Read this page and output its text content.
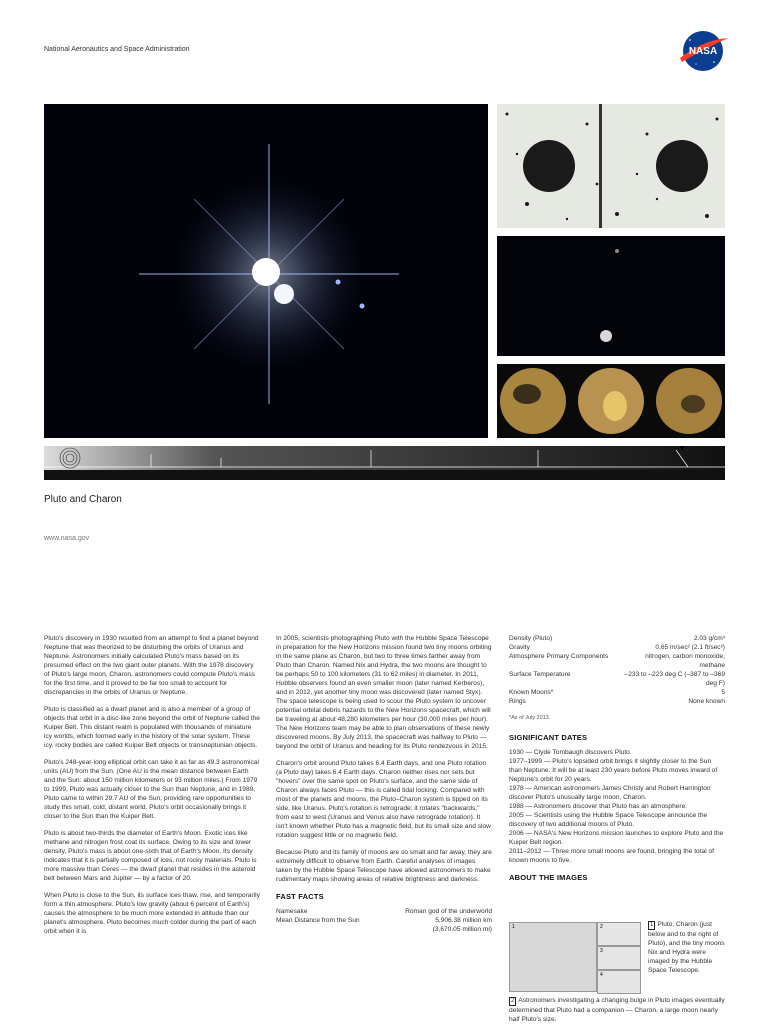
National Aeronautics and Space Administration	NASA
Pluto and Charon
www.nasa.gov

Pluto's discovery in 1930 resulted from an attempt to find a planet beyond Neptune that was theorized to be disturbing the orbits of Uranus and Neptune. Astronomers initially calculated Pluto's mass based on its presumed effect on the two giant outer planets. With the 1978 discovery of Pluto's large moon, Charon, astronomers could compute Pluto's mass for the first time, and it proved to be far too small to account for discrepancies in the orbits of Uranus or Neptune.

Pluto is classified as a dwarf planet and is also a member of a group of objects that orbit in a disc-like zone beyond the orbit of Neptune called the Kuiper Belt. This distant realm is populated with thousands of miniature icy worlds, which formed early in the history of the solar system. These icy, rocky bodies are called Kuiper Belt objects or transneptunian objects.

Pluto's 248-year-long elliptical orbit can take it as far as 49.3 astronomical units (AU) from the Sun. (One AU is the mean distance between Earth and the Sun: about 150 million kilometers or 93 million miles.) From 1979 to 1999, Pluto was actually closer to the Sun than Neptune, and in 1989, Pluto came to within 29.7 AU of the Sun, providing rare opportunities to study this small, cold, distant world. Pluto's orbit occasionally brings it closer to the Sun than the Kuiper Belt.

Pluto is about two-thirds the diameter of Earth's Moon. Exotic ices like methane and nitrogen frost coat its surface. Owing to its size and lower density, Pluto's mass is about one-sixth that of Earth's Moon. Its density indicates that it is partially composed of ices, not rocky materials. Pluto is more massive than Ceres — the dwarf planet that resides in the asteroid belt between Mars and Jupiter — by a factor of 20.

When Pluto is close to the Sun, its surface ices thaw, rise, and temporarily form a thin atmosphere. Pluto's low gravity (about 6 percent of Earth's) causes the atmosphere to be much more extended in altitude than our planet's atmosphere. Pluto becomes much colder during the part of each orbit when it is

In 2005, scientists photographing Pluto with the Hubble Space Telescope in preparation for the New Horizons mission found two tiny moons orbiting in the same plane as Charon, but two to three times farther away from Pluto than Charon. Named Nix and Hydra, the two moons are thought to be perhaps 50 to 100 kilometers (31 to 62 miles) in diameter. In 2011, Hubble observers found an even smaller moon (later named Kerberos), and in 2012, yet another tiny moon was discovered (later named Styx). The space telescope is being used to scour the Pluto system to uncover potential orbital debris hazards to the New Horizons spacecraft, which will be traveling at about 48,280 kilometers per hour (30,000 miles per hour). The New Horizons team may be able to plan observations of these newly discovered moons. By July 2013, the spacecraft was halfway to Pluto — beyond the orbit of Uranus and heading for its Pluto rendezvous in 2015.

Charon's orbit around Pluto takes 6.4 Earth days, and one Pluto rotation (a Pluto day) takes 6.4 Earth days. Charon neither rises nor sets but "hovers" over the same spot on Pluto's surface, and the same side of Charon always faces Pluto — this is called tidal locking. Compared with most of the planets and moons, the Pluto–Charon system is tipped on its side, like Uranus. Pluto's rotation is retrograde: it rotates "backwards," from east to west (Uranus and Venus also have retrograde rotation). It isn't known whether Pluto has a magnetic field, but its small size and slow rotation suggest little or no magnetic field.

Because Pluto and its family of moons are so small and far away, they are extremely difficult to observe from Earth. Careful analyses of images taken by the Hubble Space Telescope have allowed astronomers to make rudimentary maps showing areas of relative brightness and darkness.

FAST FACTS
Namesake	Roman god of the underworld
Mean Distance from the Sun	5,906.38 million km
(3,670.05 million mi)
Density (Pluto)	2.03 g/cm³
Gravity	0.65 m/sec² (2.1 ft/sec²)
Atmosphere Primary Components	nitrogen, carbon monoxide, methane
Surface Temperature	–233 to –223 deg C (–387 to –369 deg F)
Known Moons*	5
Rings	None known
*As of July 2013.
SIGNIFICANT DATES

1930 — Clyde Tombaugh discovers Pluto.

1977–1999 — Pluto's lopsided orbit brings it slightly closer to the Sun than Neptune. It will be at least 230 years before Pluto moves inward of Neptune's orbit for 20 years.

1978 — American astronomers James Christy and Robert Harrington discover Pluto's unusually large moon, Charon.

1988 — Astronomers discover that Pluto has an atmosphere.

2005 — Scientists using the Hubble Space Telescope announce the discovery of two additional moons of Pluto.

2006 — NASA's New Horizons mission launches to explore Pluto and the Kuiper Belt region.

2011–2012 — Three more small moons are found, bringing the total of known moons to five.

ABOUT THE IMAGES
1	2
3
4
1 Pluto, Charon (just below and to the right of Pluto), and the tiny moons Nix and Hydra were imaged by the Hubble Space Telescope.
2 Astronomers investigating a changing bulge in Pluto images eventually determined that Pluto had a companion — Charon, a large moon nearly half Pluto's size.
